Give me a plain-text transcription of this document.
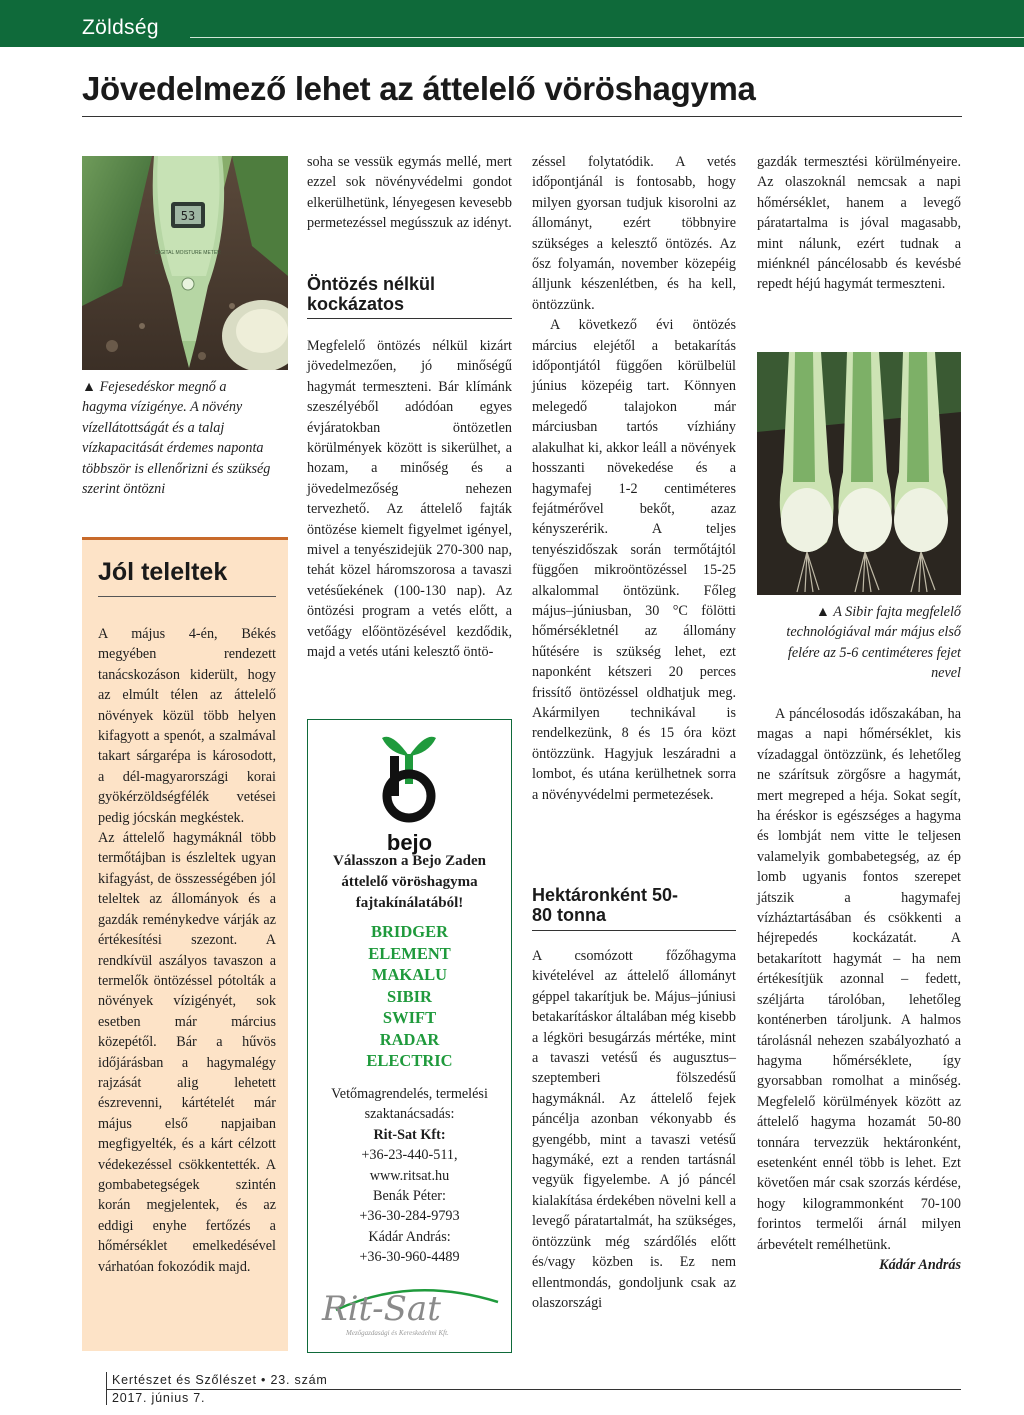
Zöldség
Jövedelmező lehet az áttelelő vöröshagyma
53
DIGITAL MOISTURE METER
▲ Fejesedéskor megnő a hagyma vízigénye. A növény vízellátottságát és a talaj vízkapacitását érdemes naponta többször is ellenőrizni és szükség szerint öntözni
Jól teleltek

A május 4-én, Békés megyében rendezett tanácskozáson kiderült, hogy az elmúlt télen az áttelelő növények közül több helyen kifagyott a spenót, a szalmával takart sárgarépa is károsodott, a dél-magyarországi korai gyökérzöldségfélék vetései pedig jócskán megkéstek.

Az áttelelő hagymáknál több termőtájban is észleltek ugyan kifagyást, de összességében jól teleltek az állományok és a gazdák reménykedve várják az értékesítési szezont. A rendkívül aszályos tavaszon a termelők öntözéssel pótolták a növények vízigényét, sok esetben már március közepétől. Bár a hűvös időjárásban a hagymalégy rajzását alig lehetett észrevenni, kártételét már május első napjaiban megfigyelték, és a kárt célzott védekezéssel csökkentették. A gombabetegségek szintén korán megjelentek, és az eddigi enyhe fertőzés a hőmérséklet emelkedésével várhatóan fokozódik majd.

soha se vessük egymás mellé, mert ezzel sok növényvédelmi gondot elkerülhetünk, lényegesen kevesebb permetezéssel megússzuk az idényt.

Öntözés nélkül kockázatos

Megfelelő öntözés nélkül kizárt jövedelmezően, jó minőségű hagymát termeszteni. Bár klímánk szeszélyéből adódóan egyes évjáratokban öntözetlen körülmények között is sikerülhet, a hozam, a minőség és a jövedelmezőség nehezen tervezhető. Az áttelelő fajták öntözése kiemelt figyelmet igényel, mivel a tenyészidejük 270-300 nap, tehát közel háromszorosa a tavaszi vetésűekének (100-130 nap). Az öntözési program a vetés előtt, a vetőágy előöntözésével kezdődik, majd a vetés utáni kelesztő öntö-

bejo
Válasszon a Bejo Zaden áttelelő vöröshagyma fajtakínálatából!
BRIDGER
ELEMENT
MAKALU
SIBIR
SWIFT
RADAR
ELECTRIC
Vetőmagrendelés, termelési szaktanácsadás:
Rit-Sat Kft:
+36-23-440-511,
www.ritsat.hu
Benák Péter:
+36-30-284-9793
Kádár András:
+36-30-960-4489
Rit-Sat
Mezőgazdasági és Kereskedelmi Kft.

zéssel folytatódik. A vetés időpontjánál is fontosabb, hogy milyen gyorsan tudjuk kisorolni az állományt, ezért többnyire szükséges a kelesztő öntözés. Az ősz folyamán, november közepéig álljunk készenlétben, és ha kell, öntözzünk.

A következő évi öntözés március elejétől a betakarítás időpontjától függően körülbelül június közepéig tart. Könnyen melegedő talajokon már márciusban tartós vízhiány alakulhat ki, akkor leáll a növények hosszanti növekedése és a hagymafej 1-2 centiméteres fejátmérővel bekőt, azaz kényszerérik. A teljes tenyészidőszak során termőtájtól függően mikroöntözéssel 15-25 alkalommal öntözünk. Főleg május–júniusban, 30 °C fölötti hőmérsékletnél az állomány hűtésére is szükség lehet, ezt naponként kétszeri 20 perces frissítő öntözéssel oldhatjuk meg. Akármilyen technikával is rendelkezünk, 8 és 15 óra közt öntözzünk. Hagyjuk leszáradni a lombot, és utána kerülhetnek sorra a növényvédelmi permetezések.

Hektáronként 50-80 tonna

A csomózott főzőhagyma kivételével az áttelelő állományt géppel takarítjuk be. Május–júniusi betakarításkor általában még kisebb a légköri besugárzás mértéke, mint a tavaszi vetésű és augusztus–szeptemberi fölszedésű hagymáknál. Az áttelelő fejek páncélja azonban vékonyabb és gyengébb, mint a tavaszi vetésű hagymáké, ezt a renden tartásnál vegyük figyelembe. A jó páncél kialakítása érdekében növelni kell a levegő páratartalmát, ha szükséges, öntözzünk még szárdőlés előtt és/vagy közben is. Ez nem ellentmondás, gondoljunk csak az olaszországi

gazdák termesztési körülményeire. Az olaszoknál nemcsak a napi hőmérséklet, hanem a levegő páratartalma is jóval magasabb, mint nálunk, ezért tudnak a miénknél páncélosabb és kevésbé repedt héjú hagymát termeszteni.

▲ A Sibir fajta megfelelő technológiával már május első felére az 5-6 centiméteres fejet nevel

A páncélosodás időszakában, ha magas a napi hőmérséklet, kis vízadaggal öntözzünk, és lehetőleg ne szárítsuk zörgősre a hagymát, mert megreped a héja. Sokat segít, ha éréskor is egészséges a hagyma és lombját nem vitte le teljesen valamelyik gombabetegség, az ép lomb ugyanis fontos szerepet játszik a hagymafej vízháztartásában és csökkenti a héjrepedés kockázatát. A betakarított hagymát – ha nem értékesítjük azonnal – fedett, széljárta tárolóban, lehetőleg konténerben tároljunk. A halmos tárolásnál nehezen szabályozható a hagyma hőmérséklete, így gyorsabban romolhat a minőség. Megfelelő körülmények között az áttelelő hagyma hozamát 50-80 tonnára tervezzük hektáronként, esetenként ennél több is lehet. Ezt követően már csak szorzás kérdése, hogy kilogrammonként 70-100 forintos termelői árnál milyen árbevételt remélhetünk.

Kádár András

Kertészet és Szőlészet • 23. szám
2017. június 7.
